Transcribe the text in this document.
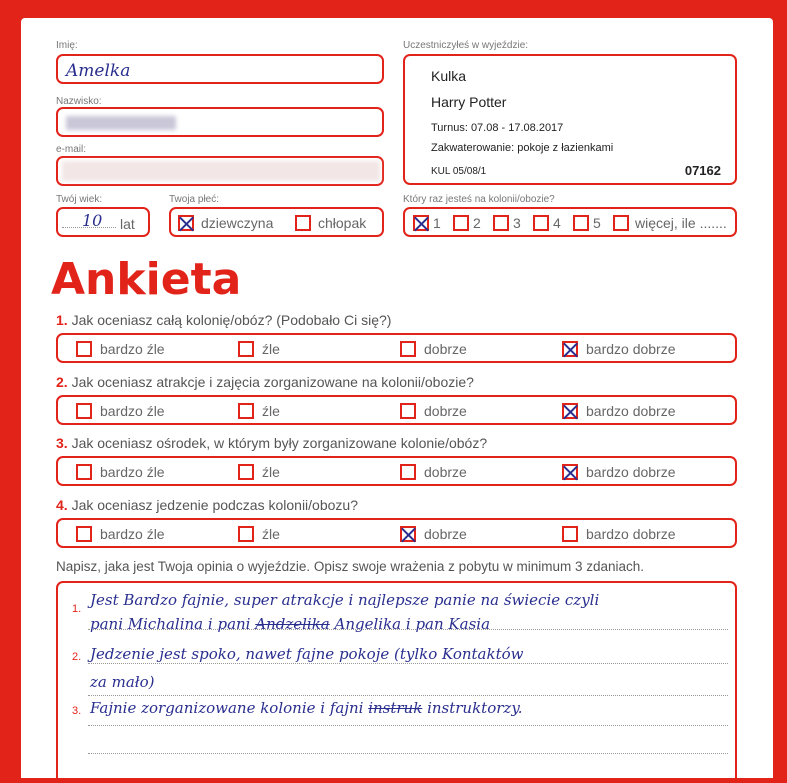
Imię:
Amelka
Nazwisko:
e-mail:
Uczestniczyłeś w wyjeździe:
Kulka
Harry Potter
Turnus: 07.08 - 17.08.2017
Zakwaterowanie: pokoje z łazienkami
KUL 05/08/1	07162
Twój wiek:
10 lat
Twoja płeć:
dziewczyna	chłopak
Który raz jesteś na kolonii/obozie?
1 2 3 4 5 więcej, ile .......
Ankieta
1. Jak oceniasz całą kolonię/obóz? (Podobało Ci się?)
bardzo źle	źle	dobrze	bardzo dobrze
2. Jak oceniasz atrakcje i zajęcia zorganizowane na kolonii/obozie?
bardzo źle	źle	dobrze	bardzo dobrze
3. Jak oceniasz ośrodek, w którym były zorganizowane kolonie/obóz?
bardzo źle	źle	dobrze	bardzo dobrze
4. Jak oceniasz jedzenie podczas kolonii/obozu?
bardzo źle	źle	dobrze	bardzo dobrze
Napisz, jaka jest Twoja opinia o wyjeździe. Opisz swoje wrażenia z pobytu w minimum 3 zdaniach.
1.
2.
3.
Jest Bardzo fajnie, super atrakcje i najlepsze panie na świecie czyli
pani Michalina i pani Andzelika Angelika i pan Kasia
Jedzenie jest spoko, nawet fajne pokoje (tylko Kontaktów
za mało)
Fajnie zorganizowane kolonie i fajni instruk instruktorzy.
